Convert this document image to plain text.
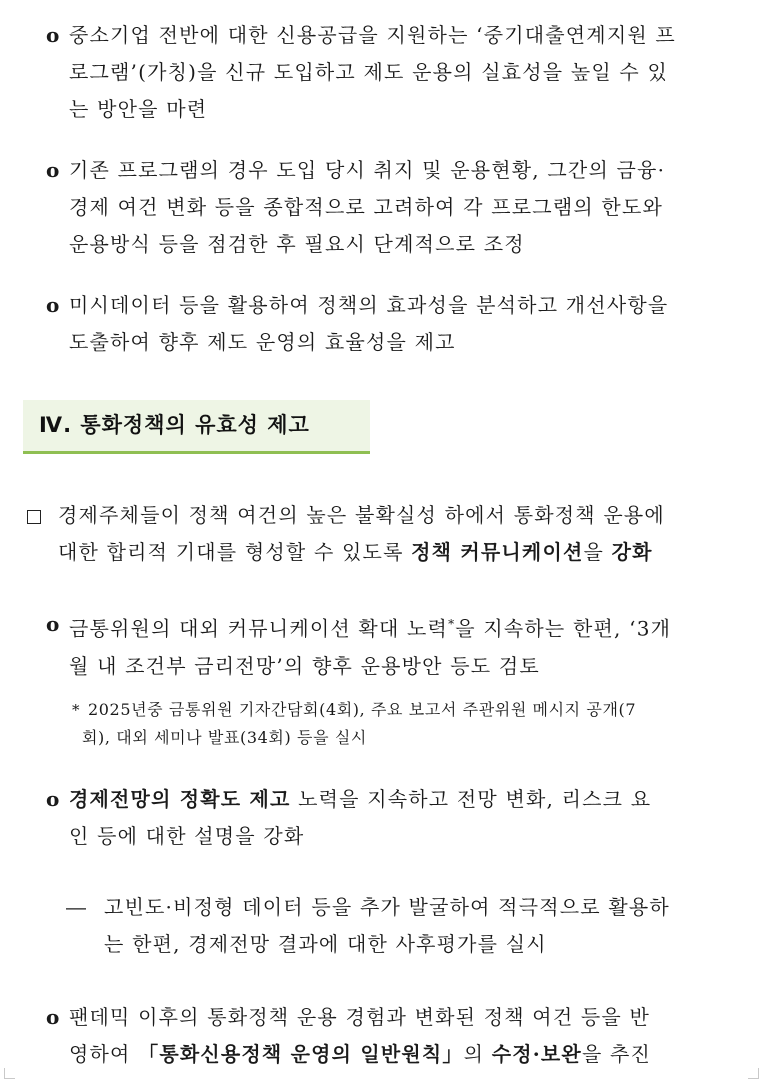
o 중소기업 전반에 대한 신용공급을 지원하는 ‘중기대출연계지원 프
로그램’(가칭)을 신규 도입하고 제도 운용의 실효성을 높일 수 있
는 방안을 마련
o 기존 프로그램의 경우 도입 당시 취지 및 운용현황, 그간의 금융·
경제 여건 변화 등을 종합적으로 고려하여 각 프로그램의 한도와
운용방식 등을 점검한 후 필요시 단계적으로 조정
o 미시데이터 등을 활용하여 정책의 효과성을 분석하고 개선사항을
도출하여 향후 제도 운영의 효율성을 제고
Ⅳ. 통화정책의 유효성 제고
경제주체들이 정책 여건의 높은 불확실성 하에서 통화정책 운용에
대한 합리적 기대를 형성할 수 있도록 정책 커뮤니케이션을 강화
o 금통위원의 대외 커뮤니케이션 확대 노력*을 지속하는 한편, ‘3개
월 내 조건부 금리전망’의 향후 운용방안 등도 검토
* 2025년중 금통위원 기자간담회(4회), 주요 보고서 주관위원 메시지 공개(7
회), 대외 세미나 발표(34회) 등을 실시
o 경제전망의 정확도 제고 노력을 지속하고 전망 변화, 리스크 요
인 등에 대한 설명을 강화
― 고빈도·비정형 데이터 등을 추가 발굴하여 적극적으로 활용하
는 한편, 경제전망 결과에 대한 사후평가를 실시
o 팬데믹 이후의 통화정책 운용 경험과 변화된 정책 여건 등을 반
영하여 「통화신용정책 운영의 일반원칙」의 수정·보완을 추진
